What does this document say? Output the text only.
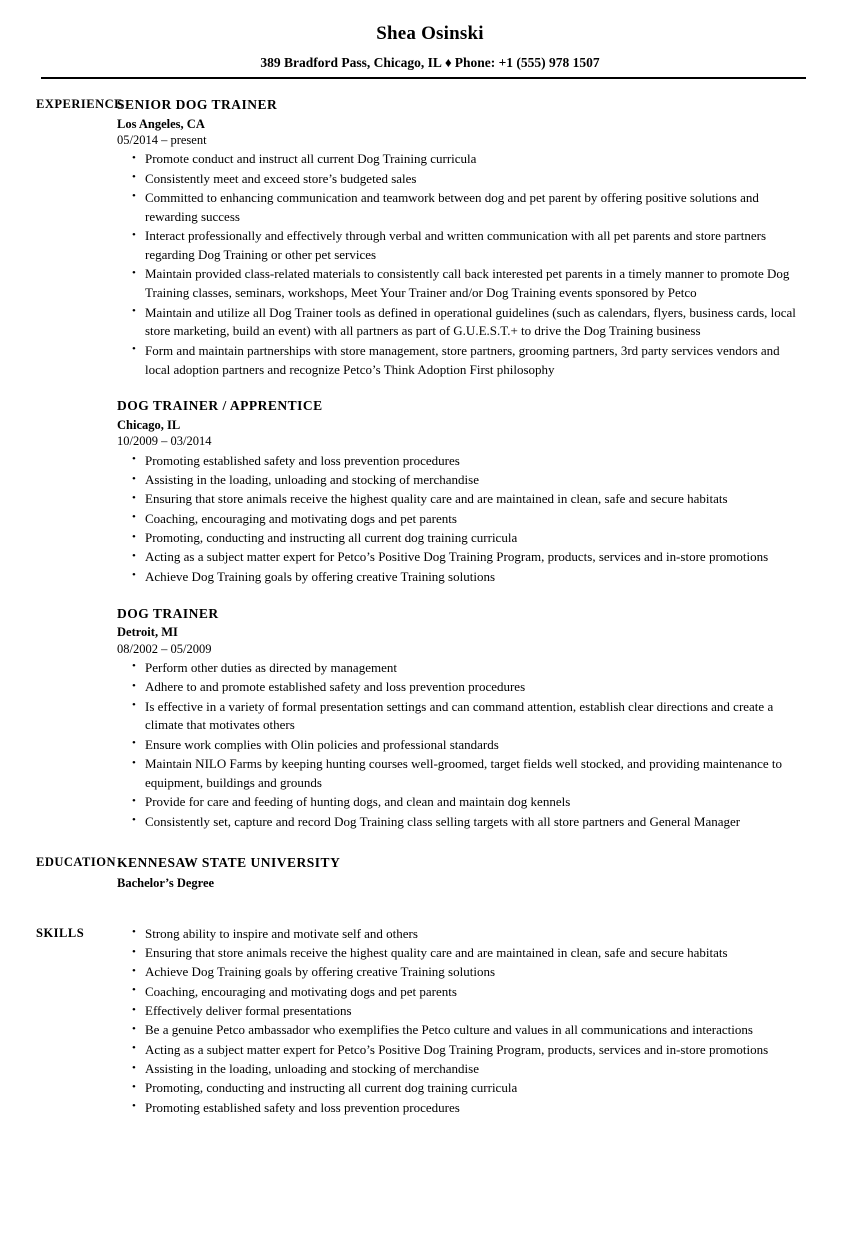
Shea Osinski
389 Bradford Pass, Chicago, IL ♦ Phone: +1 (555) 978 1507
EXPERIENCE
SENIOR DOG TRAINER
Los Angeles, CA
05/2014 – present
• Promote conduct and instruct all current Dog Training curricula
• Consistently meet and exceed store’s budgeted sales
• Committed to enhancing communication and teamwork between dog and pet parent by offering positive solutions and rewarding success
• Interact professionally and effectively through verbal and written communication with all pet parents and store partners regarding Dog Training or other pet services
• Maintain provided class-related materials to consistently call back interested pet parents in a timely manner to promote Dog Training classes, seminars, workshops, Meet Your Trainer and/or Dog Training events sponsored by Petco
• Maintain and utilize all Dog Trainer tools as defined in operational guidelines (such as calendars, flyers, business cards, local store marketing, build an event) with all partners as part of G.U.E.S.T.+ to drive the Dog Training business
• Form and maintain partnerships with store management, store partners, grooming partners, 3rd party services vendors and local adoption partners and recognize Petco’s Think Adoption First philosophy
DOG TRAINER / APPRENTICE
Chicago, IL
10/2009 – 03/2014
• Promoting established safety and loss prevention procedures
• Assisting in the loading, unloading and stocking of merchandise
• Ensuring that store animals receive the highest quality care and are maintained in clean, safe and secure habitats
• Coaching, encouraging and motivating dogs and pet parents
• Promoting, conducting and instructing all current dog training curricula
• Acting as a subject matter expert for Petco’s Positive Dog Training Program, products, services and in-store promotions
• Achieve Dog Training goals by offering creative Training solutions
DOG TRAINER
Detroit, MI
08/2002 – 05/2009
• Perform other duties as directed by management
• Adhere to and promote established safety and loss prevention procedures
• Is effective in a variety of formal presentation settings and can command attention, establish clear directions and create a climate that motivates others
• Ensure work complies with Olin policies and professional standards
• Maintain NILO Farms by keeping hunting courses well-groomed, target fields well stocked, and providing maintenance to equipment, buildings and grounds
• Provide for care and feeding of hunting dogs, and clean and maintain dog kennels
• Consistently set, capture and record Dog Training class selling targets with all store partners and General Manager
EDUCATION KENNESAW STATE UNIVERSITY
Bachelor’s Degree
SKILLS	• Strong ability to inspire and motivate self and others
• Ensuring that store animals receive the highest quality care and are maintained in clean, safe and secure habitats
• Achieve Dog Training goals by offering creative Training solutions
• Coaching, encouraging and motivating dogs and pet parents
• Effectively deliver formal presentations
• Be a genuine Petco ambassador who exemplifies the Petco culture and values in all communications and interactions
• Acting as a subject matter expert for Petco’s Positive Dog Training Program, products, services and in-store promotions
• Assisting in the loading, unloading and stocking of merchandise
• Promoting, conducting and instructing all current dog training curricula
• Promoting established safety and loss prevention procedures
